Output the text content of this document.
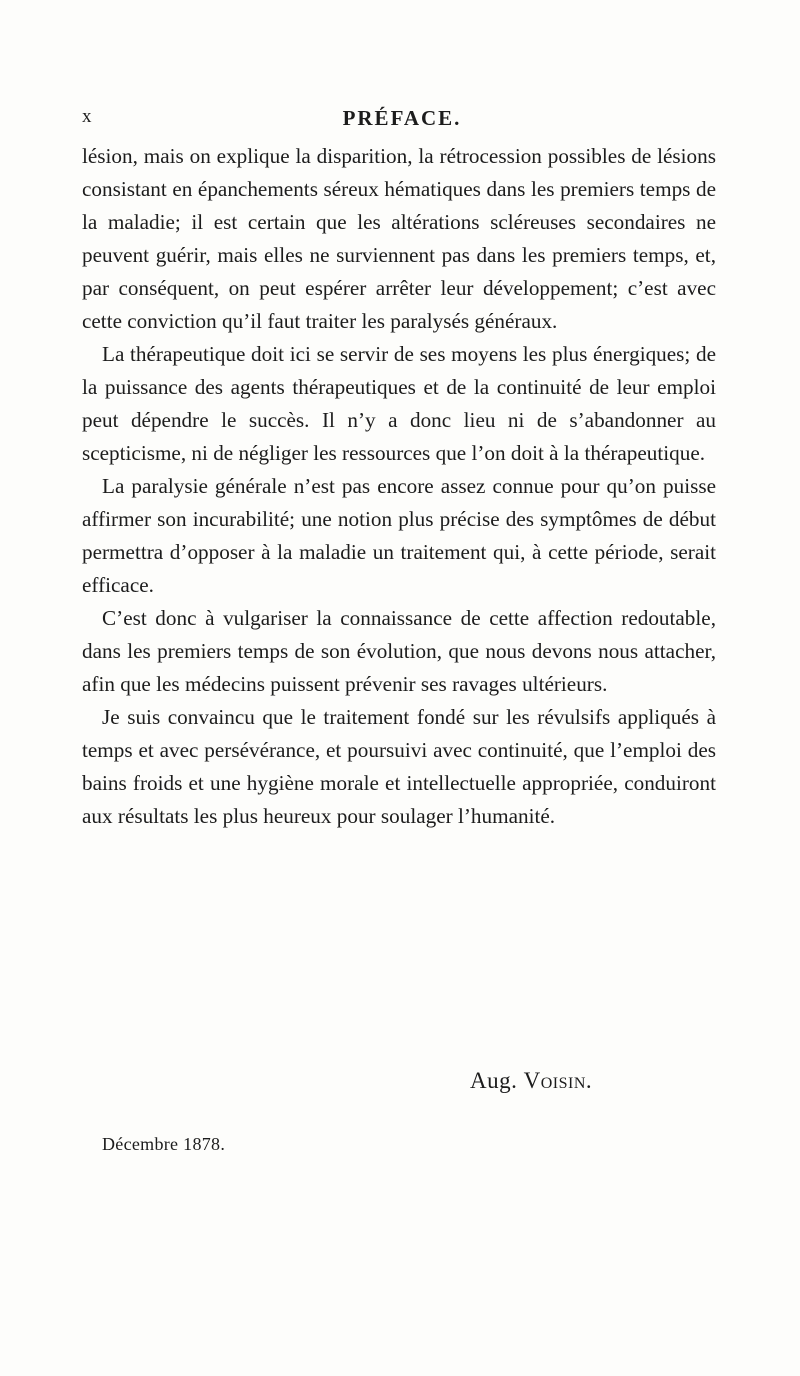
x	PRÉFACE.

lésion, mais on explique la disparition, la rétrocession possibles de lésions consistant en épanchements séreux hématiques dans les premiers temps de la maladie; il est certain que les altérations scléreuses secondaires ne peuvent guérir, mais elles ne surviennent pas dans les premiers temps, et, par conséquent, on peut espérer arrêter leur développement; c’est avec cette conviction qu’il faut traiter les paralysés généraux.

La thérapeutique doit ici se servir de ses moyens les plus énergiques; de la puissance des agents thérapeutiques et de la continuité de leur emploi peut dépendre le succès. Il n’y a donc lieu ni de s’abandonner au scepticisme, ni de négliger les ressources que l’on doit à la thérapeutique.

La paralysie générale n’est pas encore assez connue pour qu’on puisse affirmer son incurabilité; une notion plus précise des symptômes de début permettra d’opposer à la maladie un traitement qui, à cette période, serait efficace.

C’est donc à vulgariser la connaissance de cette affection redoutable, dans les premiers temps de son évolution, que nous devons nous attacher, afin que les médecins puissent prévenir ses ravages ultérieurs.

Je suis convaincu que le traitement fondé sur les révulsifs appliqués à temps et avec persévérance, et poursuivi avec continuité, que l’emploi des bains froids et une hygiène morale et intellectuelle appropriée, conduiront aux résultats les plus heureux pour soulager l’humanité.

Aug. Voisin.
Décembre 1878.
